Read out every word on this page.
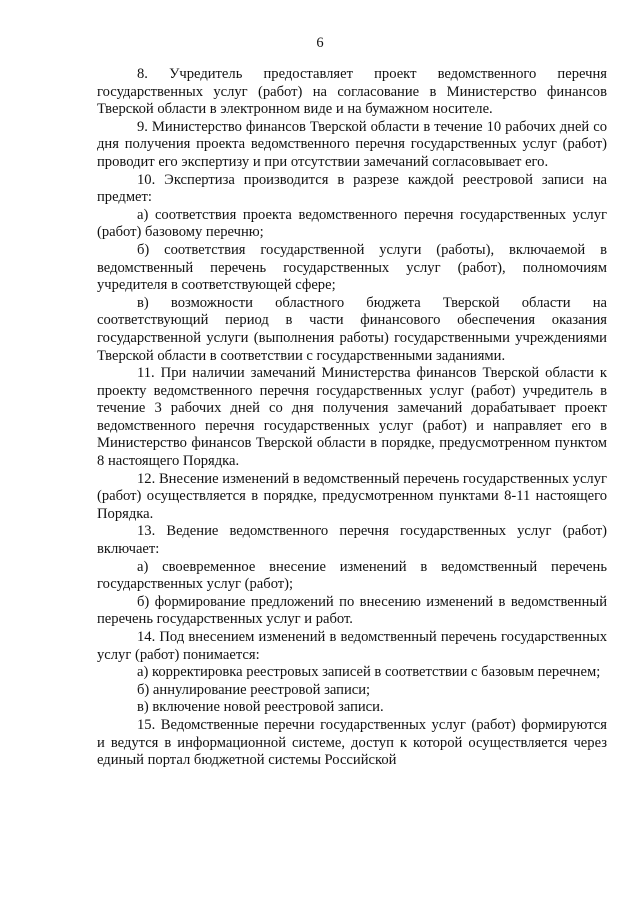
6

8. Учредитель предоставляет проект ведомственного перечня государственных услуг (работ) на согласование в Министерство финансов Тверской области в электронном виде и на бумажном носителе.

9. Министерство финансов Тверской области в течение 10 рабочих дней со дня получения проекта ведомственного перечня государственных услуг (работ) проводит его экспертизу и при отсутствии замечаний согласовывает его.

10. Экспертиза производится в разрезе каждой реестровой записи на предмет:

а) соответствия проекта ведомственного перечня государственных услуг (работ) базовому перечню;

б) соответствия государственной услуги (работы), включаемой в ведомственный перечень государственных услуг (работ), полномочиям учредителя в соответствующей сфере;

в) возможности областного бюджета Тверской области на соответствующий период в части финансового обеспечения оказания государственной услуги (выполнения работы) государственными учреждениями Тверской области в соответствии с государственными заданиями.

11. При наличии замечаний Министерства финансов Тверской области к проекту ведомственного перечня государственных услуг (работ) учредитель в течение 3 рабочих дней со дня получения замечаний дорабатывает проект ведомственного перечня государственных услуг (работ) и направляет его в Министерство финансов Тверской области в порядке, предусмотренном пунктом 8 настоящего Порядка.

12. Внесение изменений в ведомственный перечень государственных услуг (работ) осуществляется в порядке, предусмотренном пунктами 8-11 настоящего Порядка.

13. Ведение ведомственного перечня государственных услуг (работ) включает:

а) своевременное внесение изменений в ведомственный перечень государственных услуг (работ);

б) формирование предложений по внесению изменений в ведомственный перечень государственных услуг и работ.

14. Под внесением изменений в ведомственный перечень государственных услуг (работ) понимается:

а) корректировка реестровых записей в соответствии с базовым перечнем;

б) аннулирование реестровой записи;

в) включение новой реестровой записи.

15. Ведомственные перечни государственных услуг (работ) формируются и ведутся в информационной системе, доступ к которой осуществляется через единый портал бюджетной системы Российской
